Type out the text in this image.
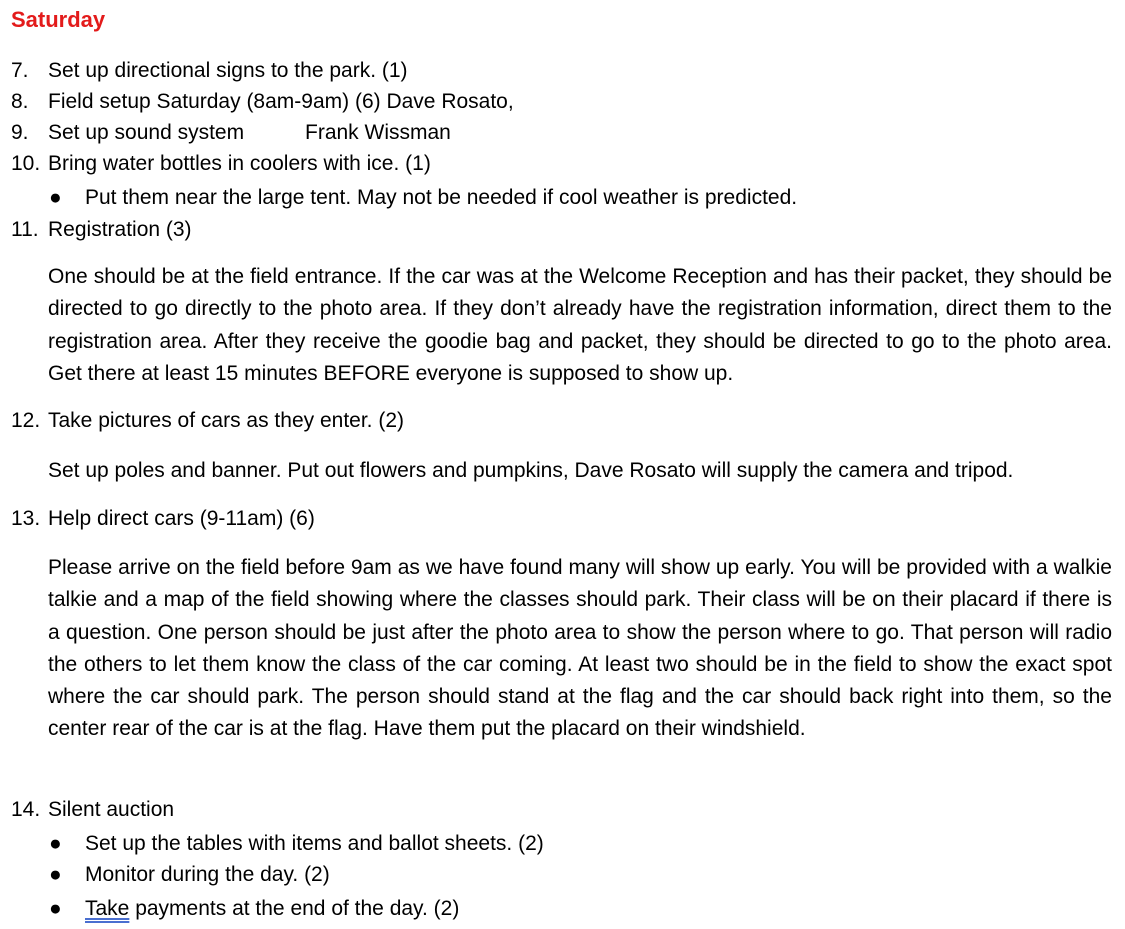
Saturday
7. Set up directional signs to the park. (1)
8. Field setup Saturday (8am-9am) (6) Dave Rosato,
9. Set up sound system	Frank Wissman
10. Bring water bottles in coolers with ice. (1)
● Put them near the large tent. May not be needed if cool weather is predicted.
11. Registration (3)
One should be at the field entrance. If the car was at the Welcome Reception and has their packet, they should be directed to go directly to the photo area. If they don’t already have the registration information, direct them to the registration area. After they receive the goodie bag and packet, they should be directed to go to the photo area. Get there at least 15 minutes BEFORE everyone is supposed to show up.
12. Take pictures of cars as they enter. (2)
Set up poles and banner. Put out flowers and pumpkins, Dave Rosato will supply the camera and tripod.
13. Help direct cars (9-11am) (6)
Please arrive on the field before 9am as we have found many will show up early. You will be provided with a walkie talkie and a map of the field showing where the classes should park. Their class will be on their placard if there is a question. One person should be just after the photo area to show the person where to go. That person will radio the others to let them know the class of the car coming. At least two should be in the field to show the exact spot where the car should park. The person should stand at the flag and the car should back right into them, so the center rear of the car is at the flag. Have them put the placard on their windshield.
14. Silent auction
● Set up the tables with items and ballot sheets. (2)
● Monitor during the day. (2)
● Take payments at the end of the day. (2)
